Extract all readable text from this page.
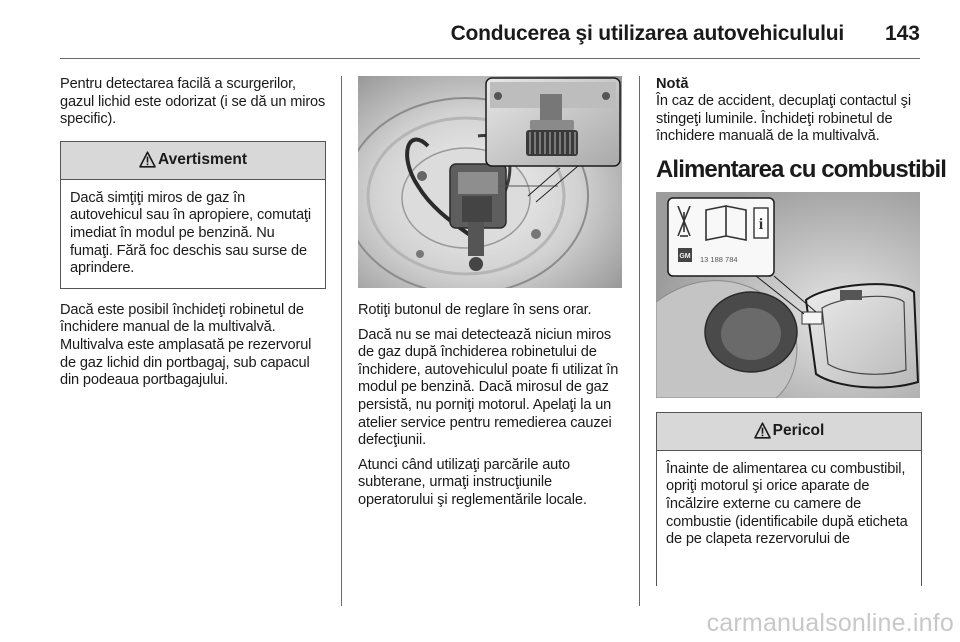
Conducerea şi utilizarea autovehiculului 143

Pentru detectarea facilă a scurgerilor, gazul lichid este odorizat (i se dă un miros specific).

Avertisment
Dacă simţiţi miros de gaz în autovehicul sau în apropiere, comutaţi imediat în modul pe benzină. Nu fumaţi. Fără foc deschis sau surse de aprindere.

Dacă este posibil închideţi robinetul de închidere manual de la multivalvă. Multivalva este amplasată pe rezervorul de gaz lichid din portbagaj, sub capacul din podeaua portbagajului.

Rotiţi butonul de reglare în sens orar.

Dacă nu se mai detectează niciun miros de gaz după închiderea robinetului de închidere, autovehiculul poate fi utilizat în modul pe benzină. Dacă mirosul de gaz persistă, nu porniţi motorul. Apelaţi la un atelier service pentru remedierea cauzei defecţiunii.

Atunci când utilizaţi parcările auto subterane, urmaţi instrucţiunile operatorului şi reglementările locale.

Notă

În caz de accident, decuplaţi contactul şi stingeţi luminile. Închideţi robinetul de închidere manuală de la multivalvă.

Alimentarea cu combustibil
i
GM 13 188 784
Pericol
Înainte de alimentarea cu combustibil, opriţi motorul şi orice aparate de încălzire externe cu camere de combustie (identificabile după eticheta de pe clapeta rezervorului de
carmanualsonline.info
